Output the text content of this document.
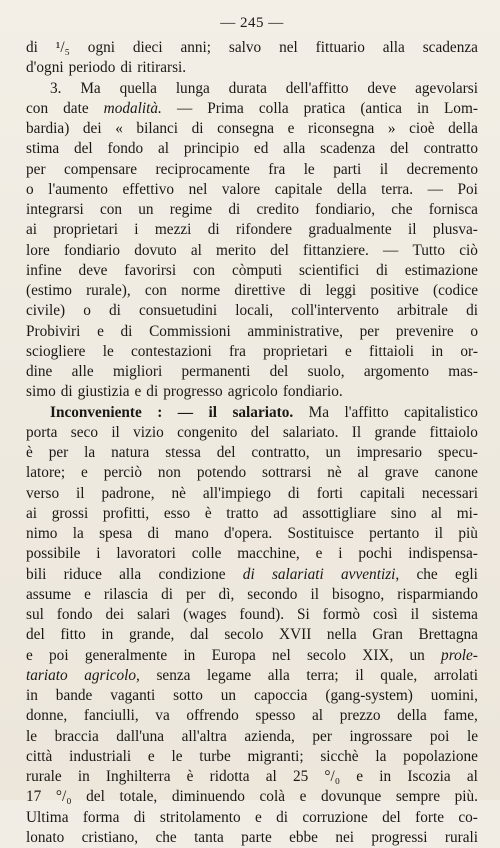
— 245 —
di ¹/₅ ogni dieci anni; salvo nel fittuario alla scadenza
d'ogni periodo di ritirarsi.
3. Ma quella lunga durata dell'affitto deve agevolarsi
con date modalità. — Prima colla pratica (antica in Lom-
bardia) dei « bilanci di consegna e riconsegna » cioè della
stima del fondo al principio ed alla scadenza del contratto
per compensare reciprocamente fra le parti il decremento
o l'aumento effettivo nel valore capitale della terra. — Poi
integrarsi con un regime di credito fondiario, che fornisca
ai proprietari i mezzi di rifondere gradualmente il plusva-
lore fondiario dovuto al merito del fittanziere. — Tutto ciò
infine deve favorirsi con còmputi scientifici di estimazione
(estimo rurale), con norme direttive di leggi positive (codice
civile) o di consuetudini locali, coll'intervento arbitrale di
Probiviri e di Commissioni amministrative, per prevenire o
sciogliere le contestazioni fra proprietari e fittaioli in or-
dine alle migliori permanenti del suolo, argomento mas-
simo di giustizia e di progresso agricolo fondiario.
Inconveniente : — il salariato. Ma l'affitto capitalistico
porta seco il vizio congenito del salariato. Il grande fittaiolo
è per la natura stessa del contratto, un impresario specu-
latore; e perciò non potendo sottrarsi nè al grave canone
verso il padrone, nè all'impiego di forti capitali necessari
ai grossi profitti, esso è tratto ad assottigliare sino al mi-
nimo la spesa di mano d'opera. Sostituisce pertanto il più
possibile i lavoratori colle macchine, e i pochi indispensa-
bili riduce alla condizione di salariati avventizi, che egli
assume e rilascia di per dì, secondo il bisogno, risparmiando
sul fondo dei salari (wages found). Si formò così il sistema
del fitto in grande, dal secolo XVII nella Gran Brettagna
e poi generalmente in Europa nel secolo XIX, un prole-
tariato agricolo, senza legame alla terra; il quale, arrolati
in bande vaganti sotto un capoccia (gang-system) uomini,
donne, fanciulli, va offrendo spesso al prezzo della fame,
le braccia dall'una all'altra azienda, per ingrossare poi le
città industriali e le turbe migranti; sicchè la popolazione
rurale in Inghilterra è ridotta al 25 °/₀ e in Iscozia al
17 °/₀ del totale, diminuendo colà e dovunque sempre più.
Ultima forma di stritolamento e di corruzione del forte co-
lonato cristiano, che tanta parte ebbe nei progressi rurali
